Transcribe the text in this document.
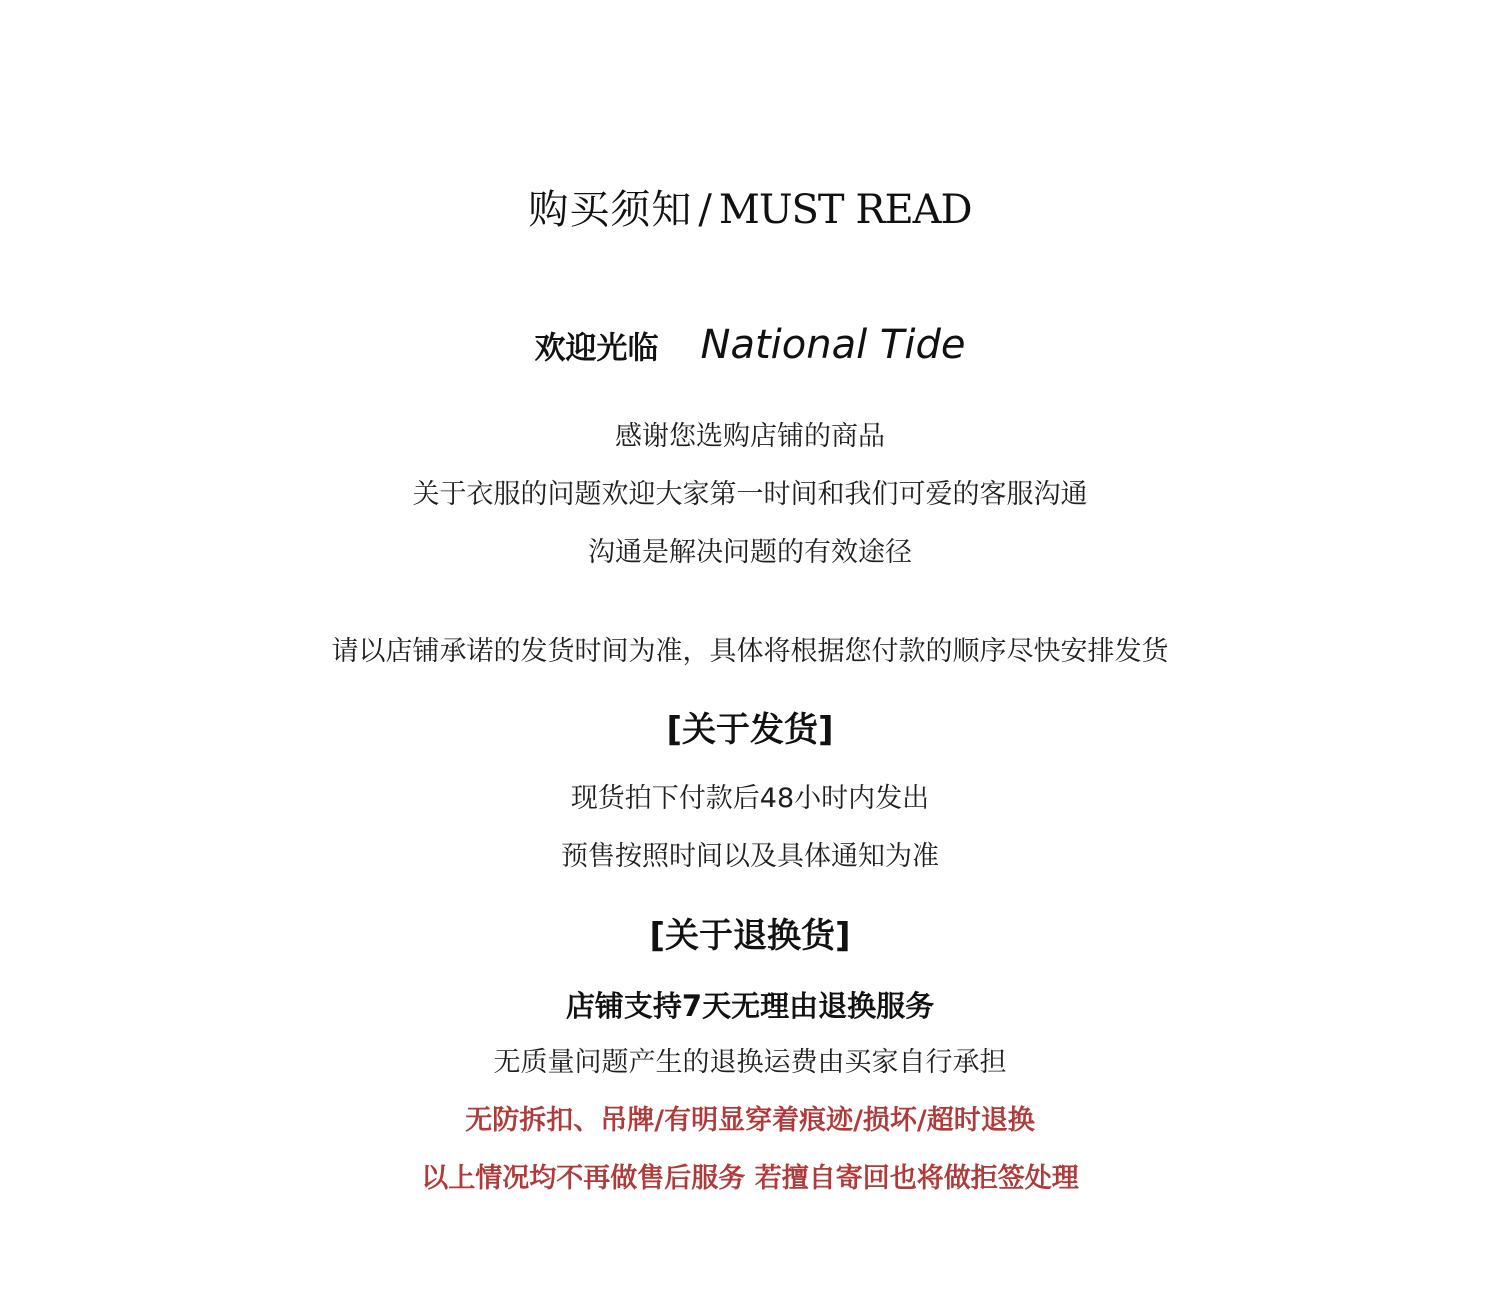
购买须知 / MUST READ
欢迎光临 National Tide
感谢您选购店铺的商品
关于衣服的问题欢迎大家第一时间和我们可爱的客服沟通
沟通是解决问题的有效途径
请以店铺承诺的发货时间为准，具体将根据您付款的顺序尽快安排发货
[关于发货]
现货拍下付款后48小时内发出
预售按照时间以及具体通知为准
[关于退换货]
店铺支持7天无理由退换服务
无质量问题产生的退换运费由买家自行承担
无防拆扣、吊牌/有明显穿着痕迹/损坏/超时退换
以上情况均不再做售后服务 若擅自寄回也将做拒签处理
